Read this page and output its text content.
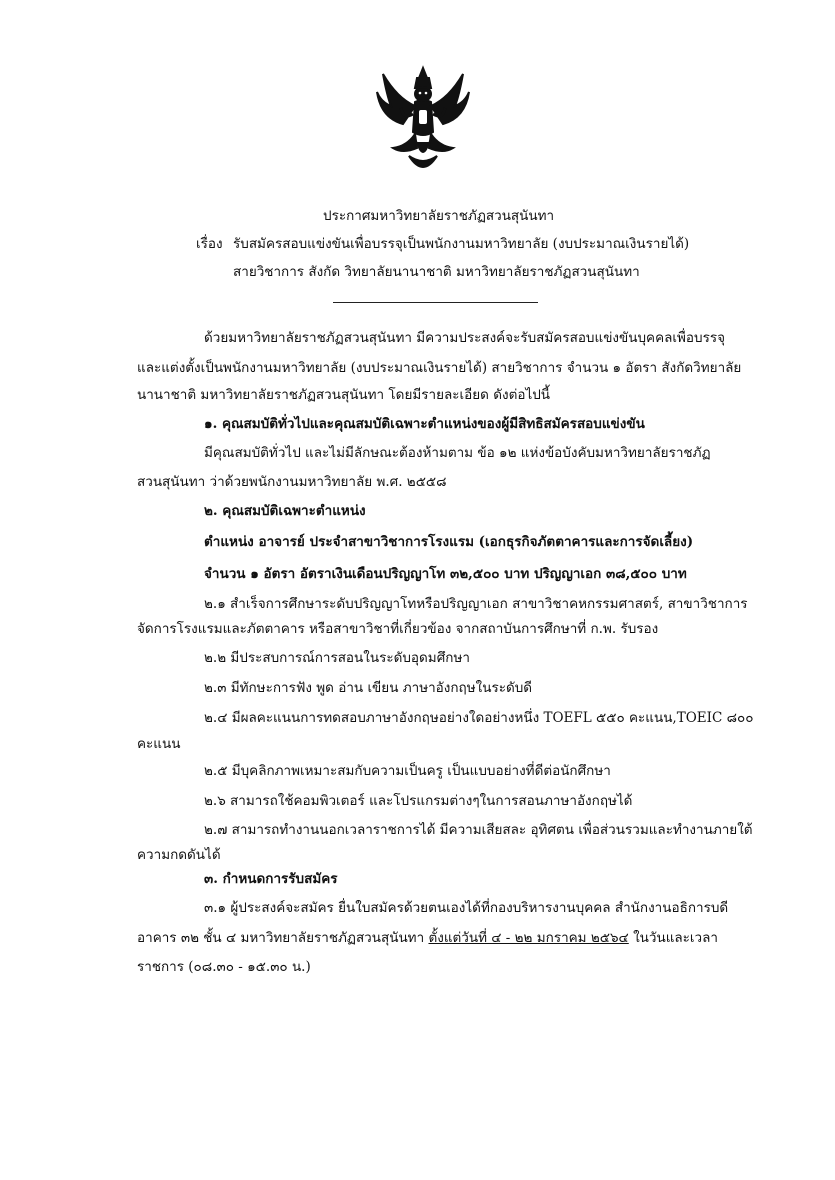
ประกาศมหาวิทยาลัยราชภัฏสวนสุนันทา
เรื่อง รับสมัครสอบแข่งขันเพื่อบรรจุเป็นพนักงานมหาวิทยาลัย (งบประมาณเงินรายได้)
สายวิชาการ สังกัด วิทยาลัยนานาชาติ มหาวิทยาลัยราชภัฏสวนสุนันทา
ด้วยมหาวิทยาลัยราชภัฏสวนสุนันทา มีความประสงค์จะรับสมัครสอบแข่งขันบุคคลเพื่อบรรจุ
และแต่งตั้งเป็นพนักงานมหาวิทยาลัย (งบประมาณเงินรายได้) สายวิชาการ จำนวน ๑ อัตรา สังกัดวิทยาลัย
นานาชาติ มหาวิทยาลัยราชภัฏสวนสุนันทา โดยมีรายละเอียด ดังต่อไปนี้
๑. คุณสมบัติทั่วไปและคุณสมบัติเฉพาะตำแหน่งของผู้มีสิทธิสมัครสอบแข่งขัน
มีคุณสมบัติทั่วไป และไม่มีลักษณะต้องห้ามตาม ข้อ ๑๒ แห่งข้อบังคับมหาวิทยาลัยราชภัฏ
สวนสุนันทา ว่าด้วยพนักงานมหาวิทยาลัย พ.ศ. ๒๕๕๘
๒. คุณสมบัติเฉพาะตำแหน่ง
ตำแหน่ง อาจารย์ ประจำสาขาวิชาการโรงแรม (เอกธุรกิจภัตตาคารและการจัดเลี้ยง)
จำนวน ๑ อัตรา อัตราเงินเดือนปริญญาโท ๓๒,๕๐๐ บาท ปริญญาเอก ๓๘,๕๐๐ บาท
๒.๑ สำเร็จการศึกษาระดับปริญญาโทหรือปริญญาเอก สาขาวิชาคหกรรมศาสตร์, สาขาวิชาการ
จัดการโรงแรมและภัตตาคาร หรือสาขาวิชาที่เกี่ยวข้อง จากสถาบันการศึกษาที่ ก.พ. รับรอง
๒.๒ มีประสบการณ์การสอนในระดับอุดมศึกษา
๒.๓ มีทักษะการฟัง พูด อ่าน เขียน ภาษาอังกฤษในระดับดี
๒.๔ มีผลคะแนนการทดสอบภาษาอังกฤษอย่างใดอย่างหนึ่ง TOEFL ๕๕๐ คะแนน,TOEIC ๘๐๐
คะแนน
๒.๕ มีบุคลิกภาพเหมาะสมกับความเป็นครู เป็นแบบอย่างที่ดีต่อนักศึกษา
๒.๖ สามารถใช้คอมพิวเตอร์ และโปรแกรมต่างๆในการสอนภาษาอังกฤษได้
๒.๗ สามารถทำงานนอกเวลาราชการได้ มีความเสียสละ อุทิศตน เพื่อส่วนรวมและทำงานภายใต้
ความกดดันได้
๓. กำหนดการรับสมัคร
๓.๑ ผู้ประสงค์จะสมัคร ยื่นใบสมัครด้วยตนเองได้ที่กองบริหารงานบุคคล สำนักงานอธิการบดี
อาคาร ๓๒ ชั้น ๔ มหาวิทยาลัยราชภัฏสวนสุนันทา ตั้งแต่วันที่ ๔ - ๒๒ มกราคม ๒๕๖๔ ในวันและเวลา
ราชการ (๐๘.๓๐ - ๑๕.๓๐ น.)
